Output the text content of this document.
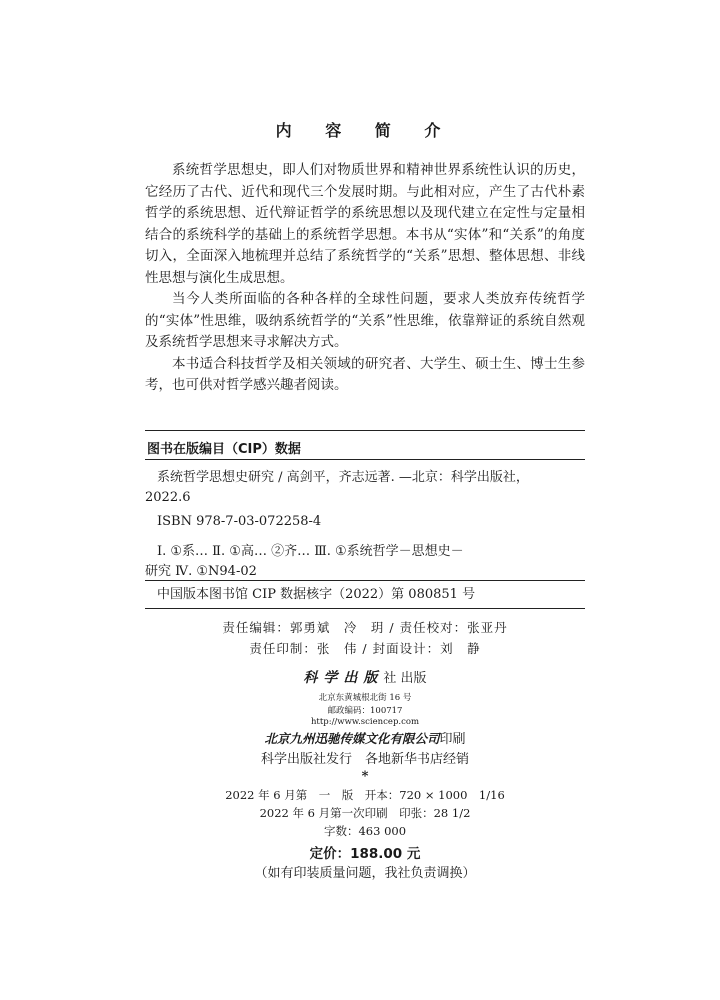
内 容 简 介

系统哲学思想史，即人们对物质世界和精神世界系统性认识的历史，它经历了古代、近代和现代三个发展时期。与此相对应，产生了古代朴素哲学的系统思想、近代辩证哲学的系统思想以及现代建立在定性与定量相结合的系统科学的基础上的系统哲学思想。本书从“实体”和“关系”的角度切入，全面深入地梳理并总结了系统哲学的“关系”思想、整体思想、非线性思想与演化生成思想。

当今人类所面临的各种各样的全球性问题，要求人类放弃传统哲学的“实体”性思维，吸纳系统哲学的“关系”性思维，依靠辩证的系统自然观及系统哲学思想来寻求解决方式。

本书适合科技哲学及相关领域的研究者、大学生、硕士生、博士生参考，也可供对哲学感兴趣者阅读。

图书在版编目（CIP）数据
系统哲学思想史研究 / 高剑平，齐志远著. —北京：科学出版社，
2022.6
ISBN 978-7-03-072258-4
Ⅰ. ①系… Ⅱ. ①高… ②齐… Ⅲ. ①系统哲学－思想史－
研究 Ⅳ. ①N94-02
中国版本图书馆 CIP 数据核字（2022）第 080851 号
责任编辑：郭勇斌　冷　玥 / 责任校对：张亚丹
责任印制：张　伟 / 封面设计：刘　静
科学出版社 出版
北京东黄城根北街 16 号
邮政编码：100717
http://www.sciencep.com
北京九州迅驰传媒文化有限公司印刷
科学出版社发行　各地新华书店经销
*
2022 年 6 月第　一　版　开本：720 × 1000　1/16
2022 年 6 月第一次印刷　印张：28 1/2
字数：463 000
定价：188.00 元
（如有印装质量问题，我社负责调换）
